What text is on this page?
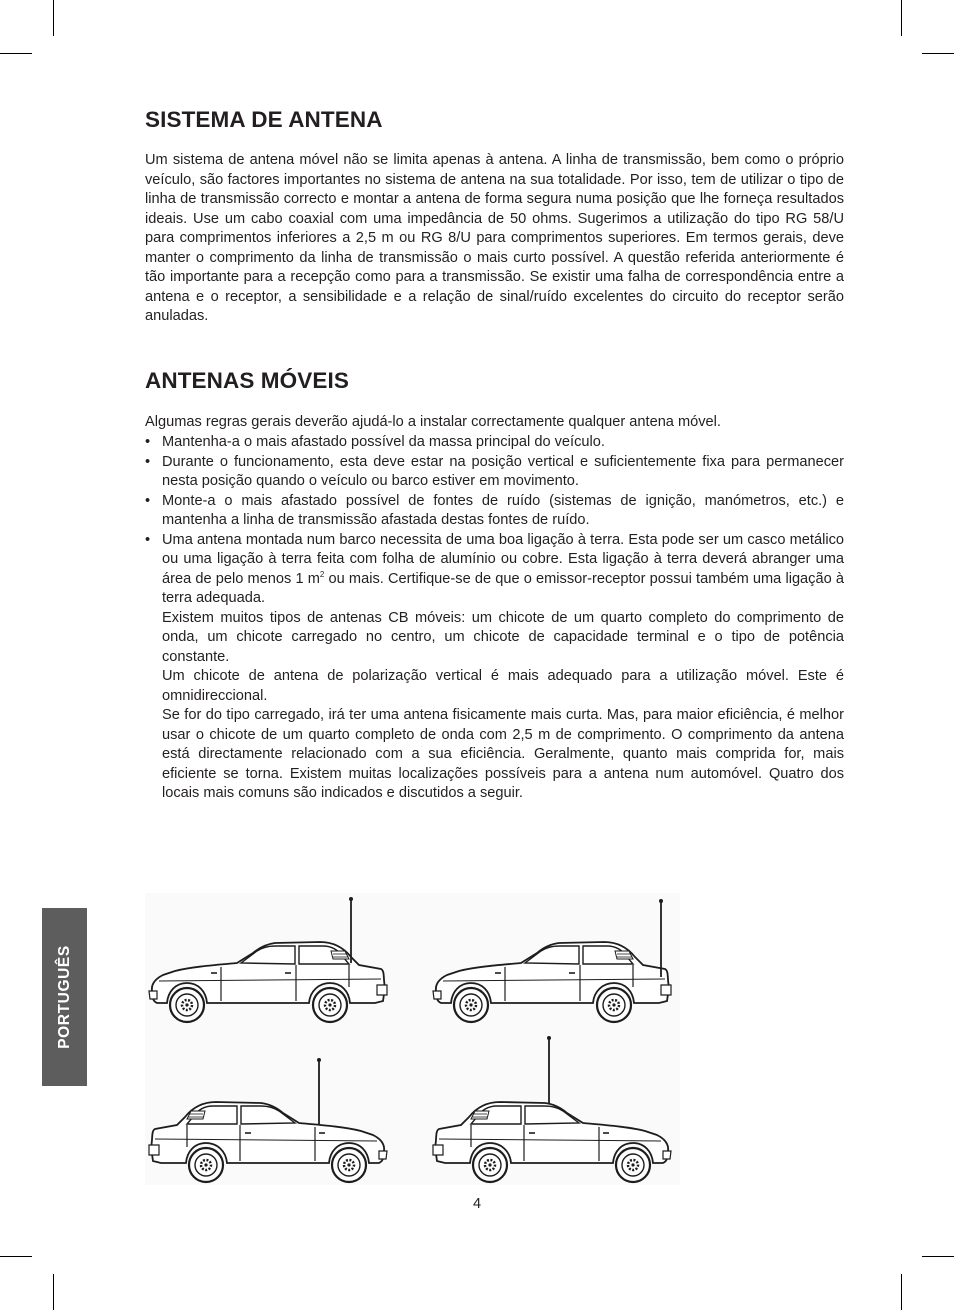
SISTEMA DE ANTENA

Um sistema de antena móvel não se limita apenas à antena. A linha de transmissão, bem como o próprio veículo, são factores importantes no sistema de antena na sua totalidade. Por isso, tem de utilizar o tipo de linha de transmissão correcto e montar a antena de forma segura numa posição que lhe forneça resultados ideais. Use um cabo coaxial com uma impedância de 50 ohms. Sugerimos a utilização do tipo RG 58/U para comprimentos inferiores a 2,5 m ou RG 8/U para comprimentos superiores. Em termos gerais, deve manter o comprimento da linha de transmissão o mais curto possível. A questão referida anteriormente é tão importante para a recepção como para a transmissão. Se existir uma falha de correspondência entre a antena e o receptor, a sensibilidade e a relação de sinal/ruído excelentes do circuito do receptor serão anuladas.

ANTENAS MÓVEIS

Algumas regras gerais deverão ajudá-lo a instalar correctamente qualquer antena móvel.

• Mantenha-a o mais afastado possível da massa principal do veículo.

• Durante o funcionamento, esta deve estar na posição vertical e suficientemente fixa para permanecer nesta posição quando o veículo ou barco estiver em movimento.

• Monte-a o mais afastado possível de fontes de ruído (sistemas de ignição, manómetros, etc.) e mantenha a linha de transmissão afastada destas fontes de ruído.

• Uma antena montada num barco necessita de uma boa ligação à terra. Esta pode ser um casco metálico ou uma ligação à terra feita com folha de alumínio ou cobre. Esta ligação à terra deverá abranger uma área de pelo menos 1 $m^2$ ou mais. Certifique-se de que o emissor-receptor possui também uma ligação à terra adequada.

Existem muitos tipos de antenas CB móveis: um chicote de um quarto completo do comprimento de onda, um chicote carregado no centro, um chicote de capacidade terminal e o tipo de potência constante.

Um chicote de antena de polarização vertical é mais adequado para a utilização móvel. Este é omnidireccional.

Se for do tipo carregado, irá ter uma antena fisicamente mais curta. Mas, para maior eficiência, é melhor usar o chicote de um quarto completo de onda com 2,5 m de comprimento. O comprimento da antena está directamente relacionado com a sua eficiência. Geralmente, quanto mais comprida for, mais eficiente se torna. Existem muitas localizações possíveis para a antena num automóvel. Quatro dos locais mais comuns são indicados e discutidos a seguir.

PORTUGUÊS
4
